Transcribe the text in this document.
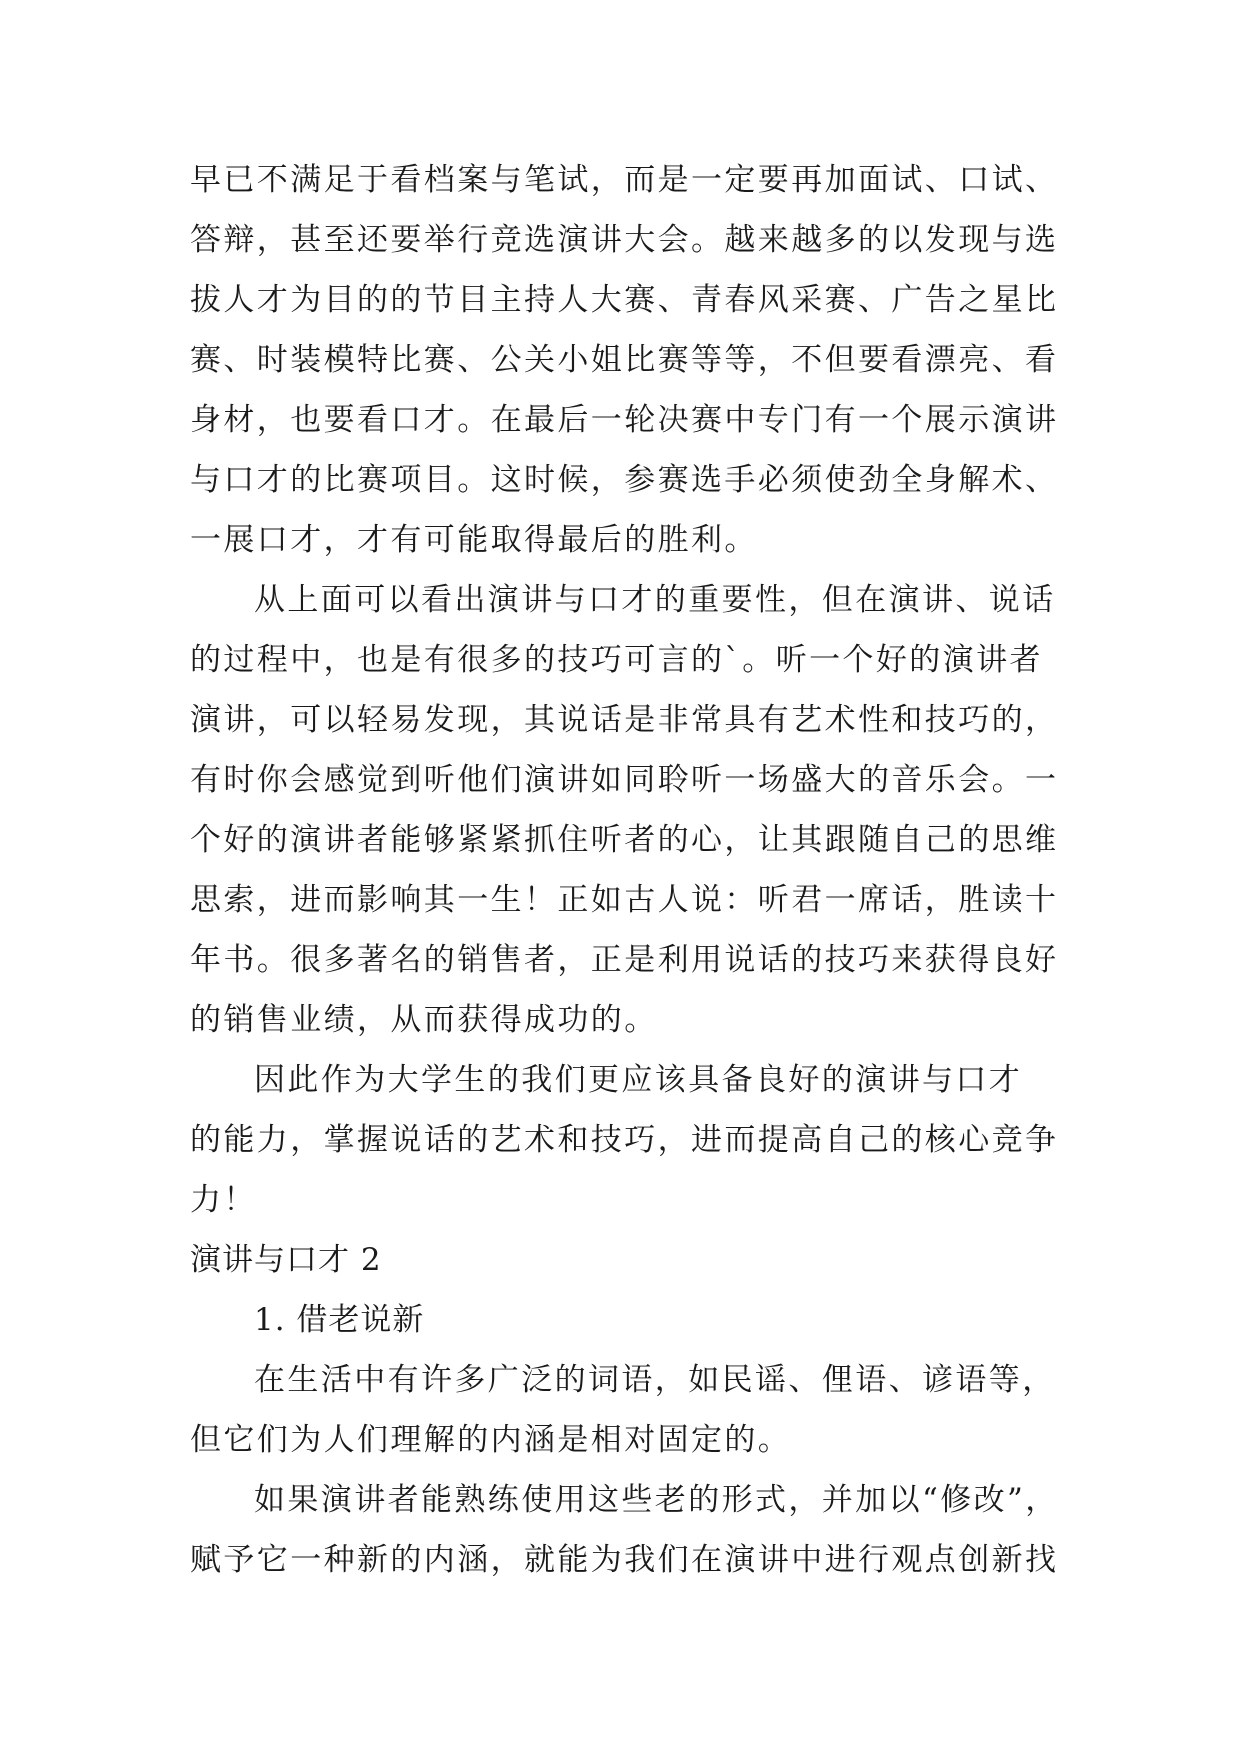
早已不满足于看档案与笔试，而是一定要再加面试、口试、
答辩，甚至还要举行竞选演讲大会。越来越多的以发现与选
拔人才为目的的节目主持人大赛、青春风采赛、广告之星比
赛、时装模特比赛、公关小姐比赛等等，不但要看漂亮、看
身材，也要看口才。在最后一轮决赛中专门有一个展示演讲
与口才的比赛项目。这时候，参赛选手必须使劲全身解术、
一展口才，才有可能取得最后的胜利。
从上面可以看出演讲与口才的重要性，但在演讲、说话
的过程中，也是有很多的技巧可言的`。听一个好的演讲者
演讲，可以轻易发现，其说话是非常具有艺术性和技巧的，
有时你会感觉到听他们演讲如同聆听一场盛大的音乐会。一
个好的演讲者能够紧紧抓住听者的心，让其跟随自己的思维
思索，进而影响其一生！正如古人说：听君一席话，胜读十
年书。很多著名的销售者，正是利用说话的技巧来获得良好
的销售业绩，从而获得成功的。
因此作为大学生的我们更应该具备良好的演讲与口才
的能力，掌握说话的艺术和技巧，进而提高自己的核心竞争
力！
演讲与口才 2
1. 借老说新
在生活中有许多广泛的词语，如民谣、俚语、谚语等，
但它们为人们理解的内涵是相对固定的。
如果演讲者能熟练使用这些老的形式，并加以“修改”，
赋予它一种新的内涵，就能为我们在演讲中进行观点创新找
